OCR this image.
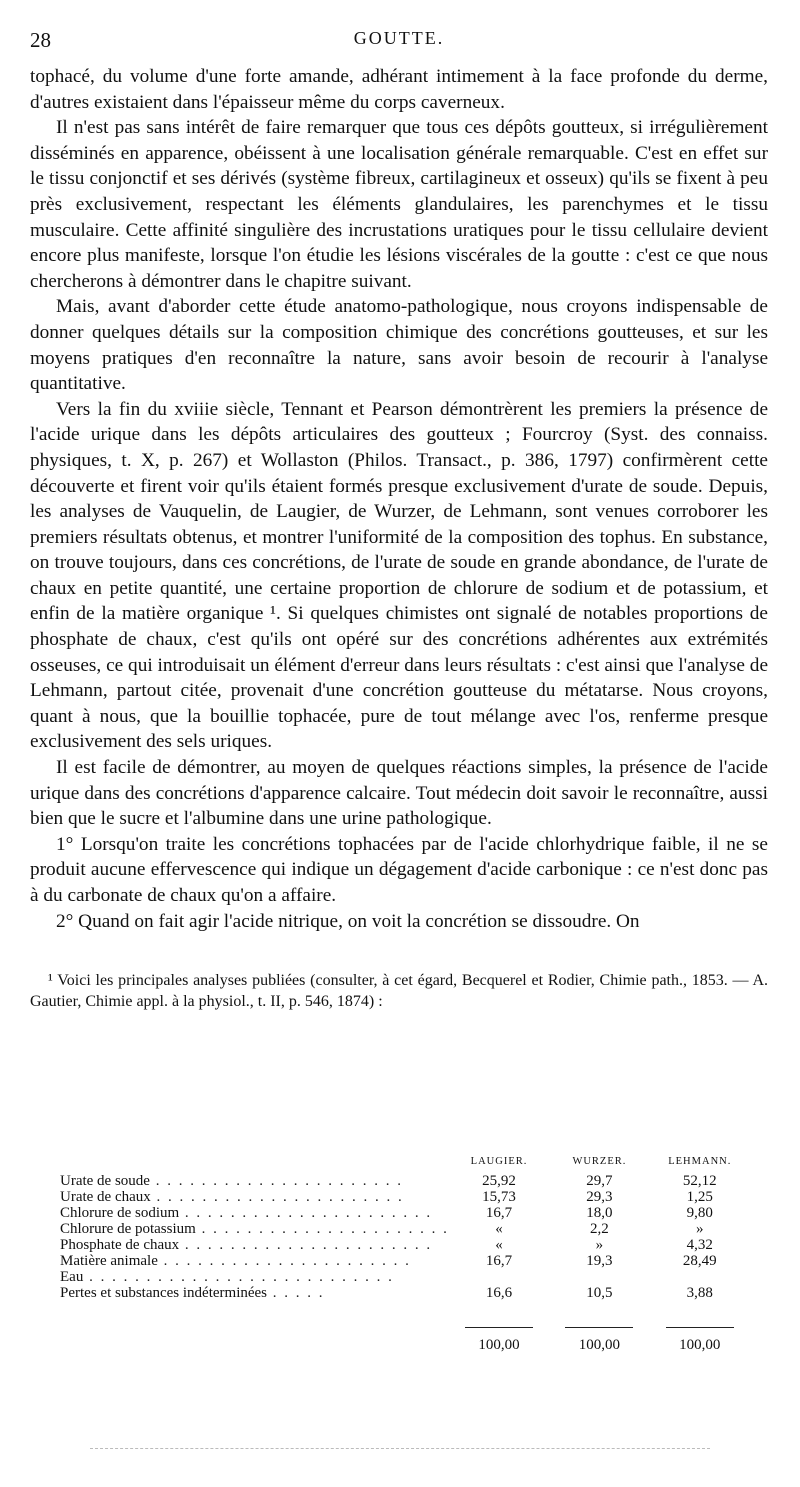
28	GOUTTE.

tophacé, du volume d'une forte amande, adhérant intimement à la face profonde du derme, d'autres existaient dans l'épaisseur même du corps caverneux.

Il n'est pas sans intérêt de faire remarquer que tous ces dépôts goutteux, si irrégulièrement disséminés en apparence, obéissent à une localisation générale remarquable. C'est en effet sur le tissu conjonctif et ses dérivés (système fibreux, cartilagineux et osseux) qu'ils se fixent à peu près exclusivement, respectant les éléments glandulaires, les parenchymes et le tissu musculaire. Cette affinité singulière des incrustations uratiques pour le tissu cellulaire devient encore plus manifeste, lorsque l'on étudie les lésions viscérales de la goutte : c'est ce que nous chercherons à démontrer dans le chapitre suivant.

Mais, avant d'aborder cette étude anatomo-pathologique, nous croyons indispensable de donner quelques détails sur la composition chimique des concrétions goutteuses, et sur les moyens pratiques d'en reconnaître la nature, sans avoir besoin de recourir à l'analyse quantitative.

Vers la fin du xviiie siècle, Tennant et Pearson démontrèrent les premiers la présence de l'acide urique dans les dépôts articulaires des goutteux ; Fourcroy (Syst. des connaiss. physiques, t. X, p. 267) et Wollaston (Philos. Transact., p. 386, 1797) confirmèrent cette découverte et firent voir qu'ils étaient formés presque exclusivement d'urate de soude. Depuis, les analyses de Vauquelin, de Laugier, de Wurzer, de Lehmann, sont venues corroborer les premiers résultats obtenus, et montrer l'uniformité de la composition des tophus. En substance, on trouve toujours, dans ces concrétions, de l'urate de soude en grande abondance, de l'urate de chaux en petite quantité, une certaine proportion de chlorure de sodium et de potassium, et enfin de la matière organique ¹. Si quelques chimistes ont signalé de notables proportions de phosphate de chaux, c'est qu'ils ont opéré sur des concrétions adhérentes aux extrémités osseuses, ce qui introduisait un élément d'erreur dans leurs résultats : c'est ainsi que l'analyse de Lehmann, partout citée, provenait d'une concrétion goutteuse du métatarse. Nous croyons, quant à nous, que la bouillie tophacée, pure de tout mélange avec l'os, renferme presque exclusivement des sels uriques.

Il est facile de démontrer, au moyen de quelques réactions simples, la présence de l'acide urique dans des concrétions d'apparence calcaire. Tout médecin doit savoir le reconnaître, aussi bien que le sucre et l'albumine dans une urine pathologique.

1° Lorsqu'on traite les concrétions tophacées par de l'acide chlorhydrique faible, il ne se produit aucune effervescence qui indique un dégagement d'acide carbonique : ce n'est donc pas à du carbonate de chaux qu'on a affaire.

2° Quand on fait agir l'acide nitrique, on voit la concrétion se dissoudre. On

¹ Voici les principales analyses publiées (consulter, à cet égard, Becquerel et Rodier, Chimie path., 1853. — A. Gautier, Chimie appl. à la physiol., t. II, p. 546, 1874) :

	LAUGIER.	WURZER.	LEHMANN.
Urate de soude . . . . . . . . . . . . . . . . . . . . . .	25,92	29,7	52,12
Urate de chaux . . . . . . . . . . . . . . . . . . . . . .	15,73	29,3	1,25
Chlorure de sodium . . . . . . . . . . . . . . . . . . . . . .	16,7	18,0	9,80
Chlorure de potassium . . . . . . . . . . . . . . . . . . . . . .	«	2,2	»
Phosphate de chaux . . . . . . . . . . . . . . . . . . . . . .	«	»	4,32
Matière animale . . . . . . . . . . . . . . . . . . . . . .	16,7	19,3	28,49
Eau . . . . . . . . . . . . . . . . . . . . . . . . . . .			
Pertes et substances indéterminées . . . . .	16,6	10,5	3,88

100,00	100,00	100,00
